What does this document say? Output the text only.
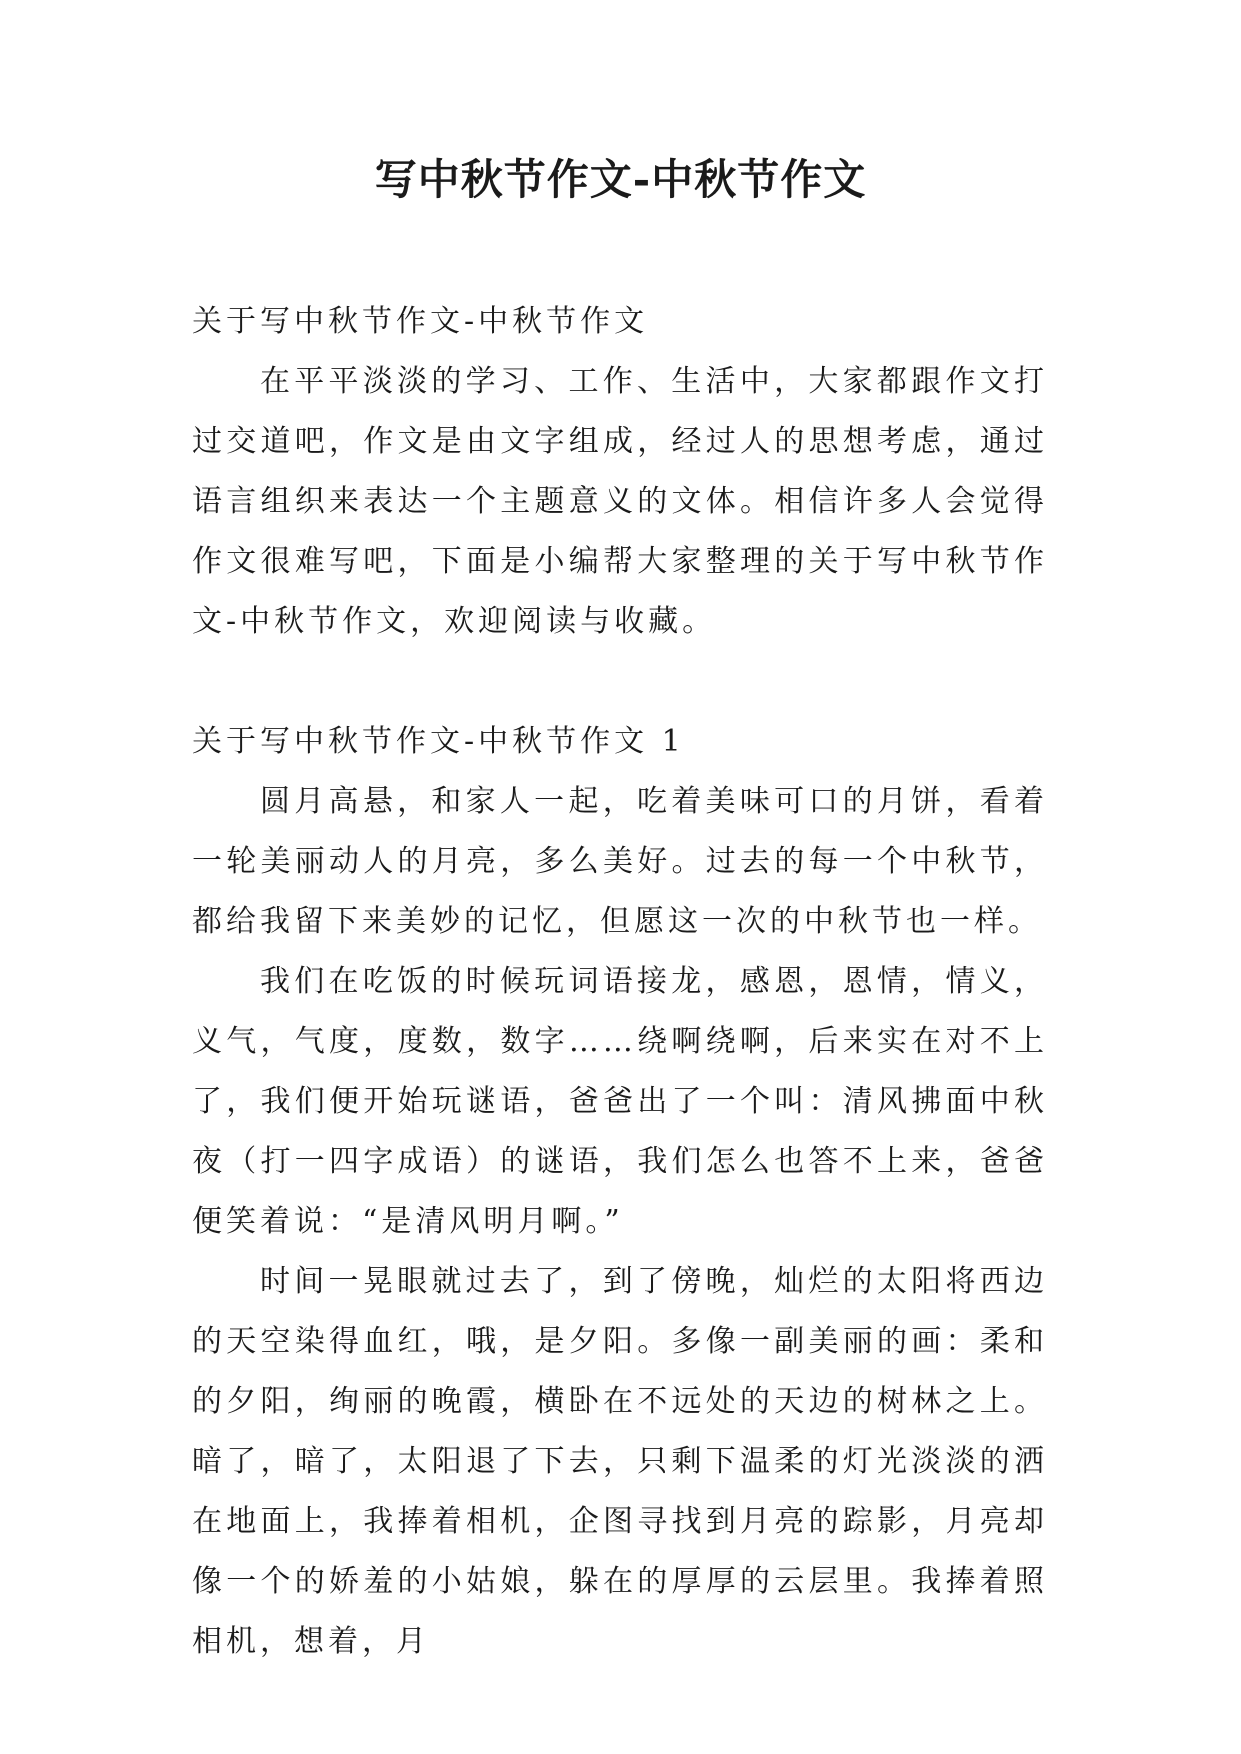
写中秋节作文-中秋节作文
关于写中秋节作文-中秋节作文

在平平淡淡的学习、工作、生活中，大家都跟作文打过交道吧，作文是由文字组成，经过人的思想考虑，通过语言组织来表达一个主题意义的文体。相信许多人会觉得作文很难写吧，下面是小编帮大家整理的关于写中秋节作文-中秋节作文，欢迎阅读与收藏。

关于写中秋节作文-中秋节作文 1

圆月高悬，和家人一起，吃着美味可口的月饼，看着一轮美丽动人的月亮，多么美好。过去的每一个中秋节，都给我留下来美妙的记忆，但愿这一次的中秋节也一样。

我们在吃饭的时候玩词语接龙，感恩，恩情，情义，义气，气度，度数，数字……绕啊绕啊，后来实在对不上了，我们便开始玩谜语，爸爸出了一个叫：清风拂面中秋夜（打一四字成语）的谜语，我们怎么也答不上来，爸爸便笑着说：“是清风明月啊。”

时间一晃眼就过去了，到了傍晚，灿烂的太阳将西边的天空染得血红，哦，是夕阳。多像一副美丽的画：柔和的夕阳，绚丽的晚霞，横卧在不远处的天边的树林之上。暗了，暗了，太阳退了下去，只剩下温柔的灯光淡淡的洒在地面上，我捧着相机，企图寻找到月亮的踪影，月亮却像一个的娇羞的小姑娘，躲在的厚厚的云层里。我捧着照相机，想着，月
